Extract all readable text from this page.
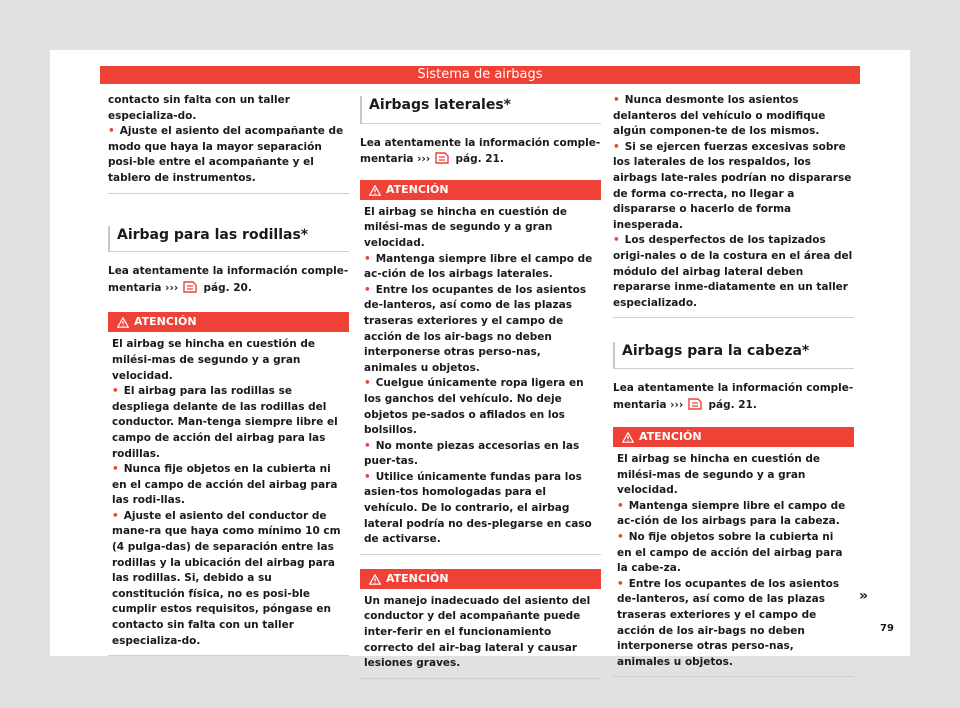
Sistema de airbags

contacto sin falta con un taller especializa-do.

• Ajuste el asiento del acompañante de modo que haya la mayor separación posi-ble entre el acompañante y el tablero de instrumentos.

Airbag para las rodillas*

Lea atentamente la información comple-mentaria ››› pág. 20.

ATENCIÓN

El airbag se hincha en cuestión de milési-mas de segundo y a gran velocidad.

• El airbag para las rodillas se despliega delante de las rodillas del conductor. Man-tenga siempre libre el campo de acción del airbag para las rodillas.

• Nunca fije objetos en la cubierta ni en el campo de acción del airbag para las rodi-llas.

• Ajuste el asiento del conductor de mane-ra que haya como mínimo 10 cm (4 pulga-das) de separación entre las rodillas y la ubicación del airbag para las rodillas. Si, debido a su constitución física, no es posi-ble cumplir estos requisitos, póngase en contacto sin falta con un taller especializa-do.

Airbags laterales*

Lea atentamente la información comple-mentaria ››› pág. 21.

ATENCIÓN

El airbag se hincha en cuestión de milési-mas de segundo y a gran velocidad.

• Mantenga siempre libre el campo de ac-ción de los airbags laterales.

• Entre los ocupantes de los asientos de-lanteros, así como de las plazas traseras exteriores y el campo de acción de los air-bags no deben interponerse otras perso-nas, animales u objetos.

• Cuelgue únicamente ropa ligera en los ganchos del vehículo. No deje objetos pe-sados o afilados en los bolsillos.

• No monte piezas accesorias en las puer-tas.

• Utilice únicamente fundas para los asien-tos homologadas para el vehículo. De lo contrario, el airbag lateral podría no des-plegarse en caso de activarse.

ATENCIÓN

Un manejo inadecuado del asiento del conductor y del acompañante puede inter-ferir en el funcionamiento correcto del air-bag lateral y causar lesiones graves.

• Nunca desmonte los asientos delanteros del vehículo o modifique algún componen-te de los mismos.

• Si se ejercen fuerzas excesivas sobre los laterales de los respaldos, los airbags late-rales podrían no dispararse de forma co-rrecta, no llegar a dispararse o hacerlo de forma inesperada.

• Los desperfectos de los tapizados origi-nales o de la costura en el área del módulo del airbag lateral deben repararse inme-diatamente en un taller especializado.

Airbags para la cabeza*

Lea atentamente la información comple-mentaria ››› pág. 21.

ATENCIÓN

El airbag se hincha en cuestión de milési-mas de segundo y a gran velocidad.

• Mantenga siempre libre el campo de ac-ción de los airbags para la cabeza.

• No fije objetos sobre la cubierta ni en el campo de acción del airbag para la cabe-za.

• Entre los ocupantes de los asientos de-lanteros, así como de las plazas traseras exteriores y el campo de acción de los air-bags no deben interponerse otras perso-nas, animales u objetos.

»
79
